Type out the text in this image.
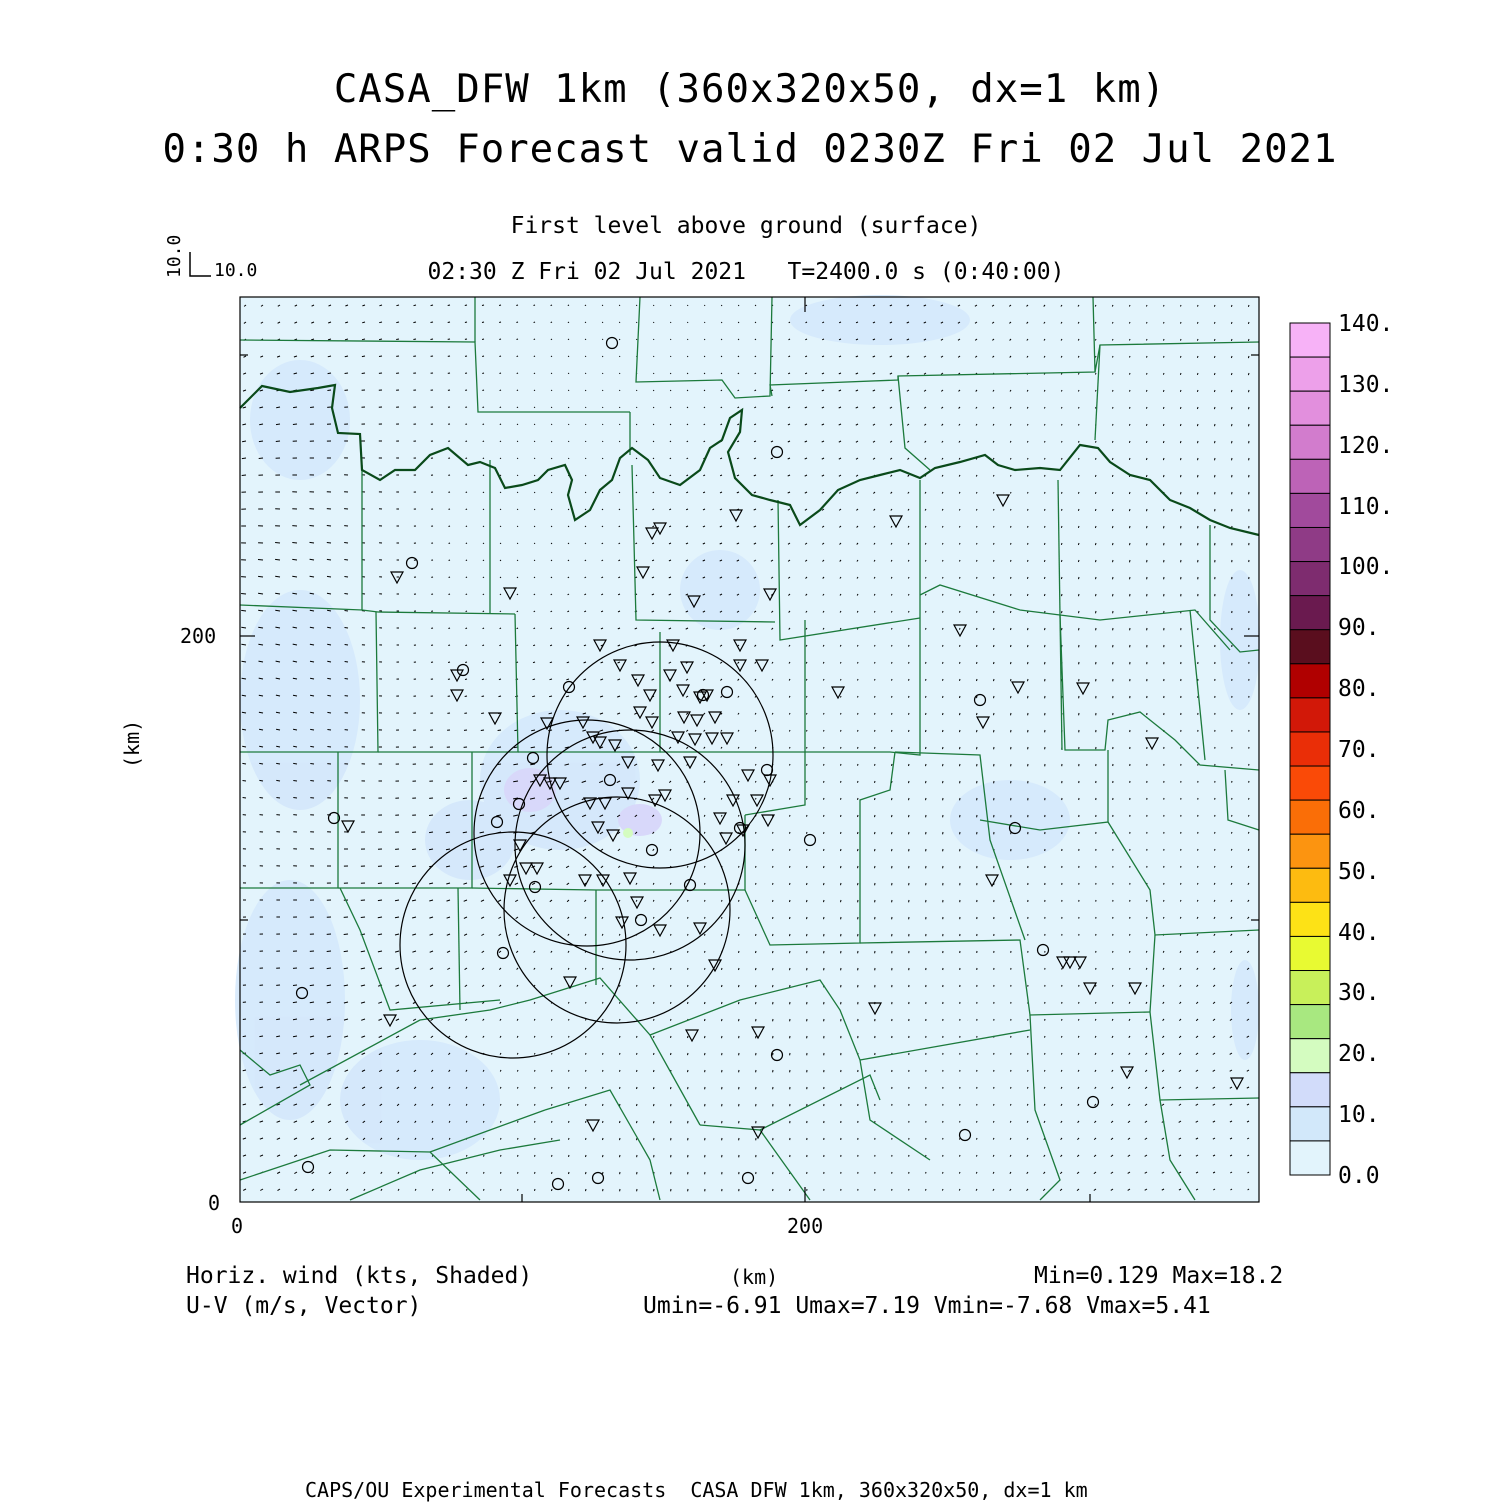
CASA_DFW 1km (360x320x50, dx=1 km)
0:30 h ARPS Forecast valid 0230Z Fri 02 Jul 2021
First level above ground (surface)
02:30 Z Fri 02 Jul 2021   T=2400.0 s (0:40:00)
10.0
10.0
200
0
0	200
(km)
140.
130.
120.
110.
100.
90.
80.
70.
60.
50.
40.
30.
20.
10.
0.0
Horiz. wind (kts, Shaded)
U-V (m/s, Vector)
(km)	Min=0.129 Max=18.2
Umin=-6.91 Umax=7.19 Vmin=-7.68 Vmax=5.41
CAPS/OU Experimental Forecasts  CASA DFW 1km, 360x320x50, dx=1 km
